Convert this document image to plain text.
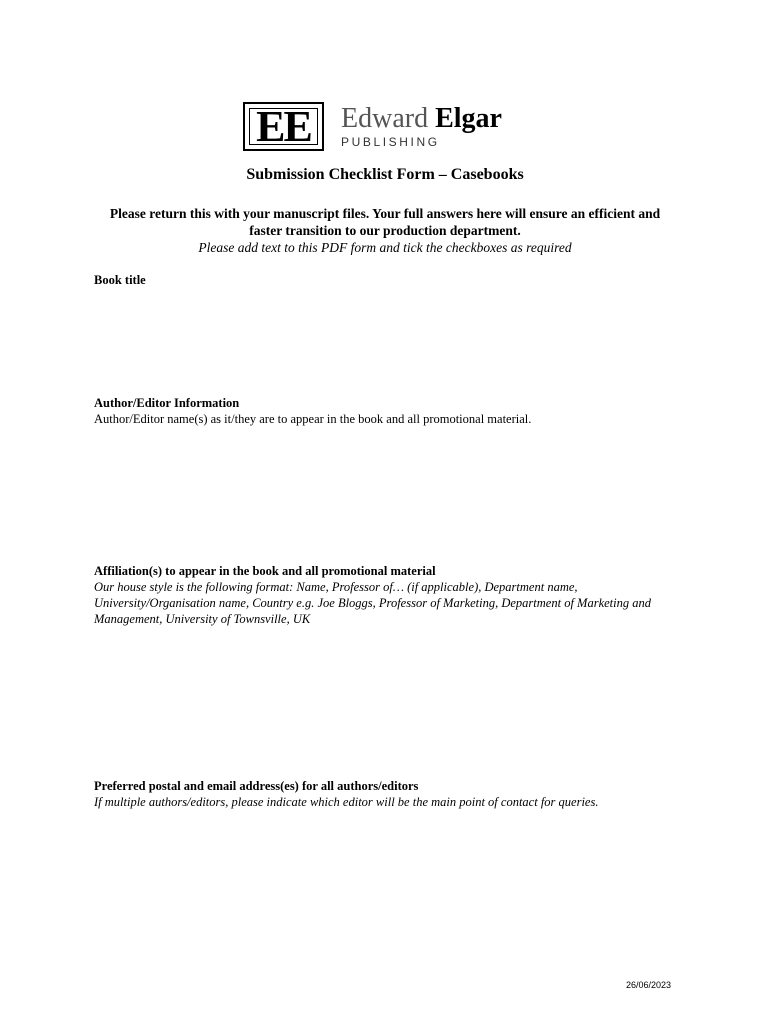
EE Edward Elgar
PUBLISHING
Submission Checklist Form – Casebooks
Please return this with your manuscript files. Your full answers here will ensure an efficient and faster transition to our production department.
Please add text to this PDF form and tick the checkboxes as required
Book title
Author/Editor Information
Author/Editor name(s) as it/they are to appear in the book and all promotional material.
Affiliation(s) to appear in the book and all promotional material
Our house style is the following format: Name, Professor of… (if applicable), Department name, University/Organisation name, Country e.g. Joe Bloggs, Professor of Marketing, Department of Marketing and Management, University of Townsville, UK
Preferred postal and email address(es) for all authors/editors
If multiple authors/editors, please indicate which editor will be the main point of contact for queries.
26/06/2023
